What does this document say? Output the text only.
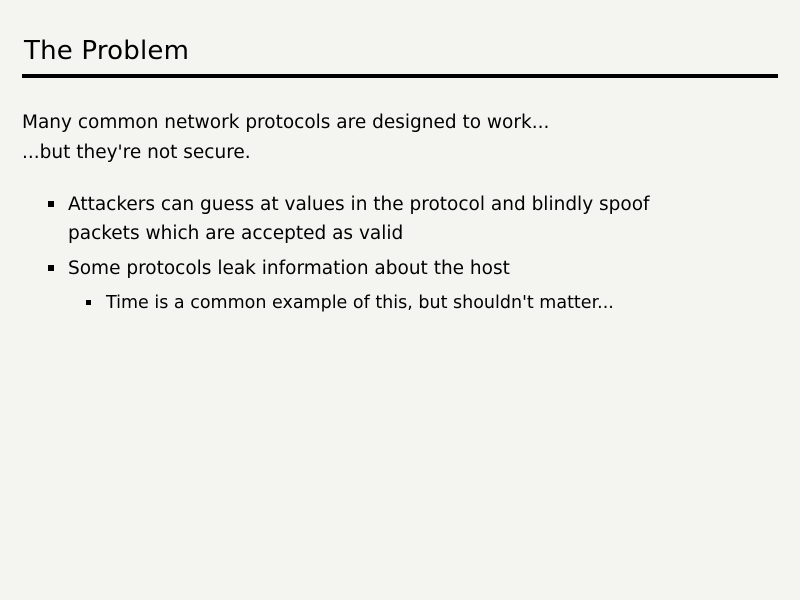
The Problem
Many common network protocols are designed to work...
...but they're not secure.
Attackers can guess at values in the protocol and blindly spoof packets which are accepted as valid
Some protocols leak information about the host
Time is a common example of this, but shouldn't matter...
